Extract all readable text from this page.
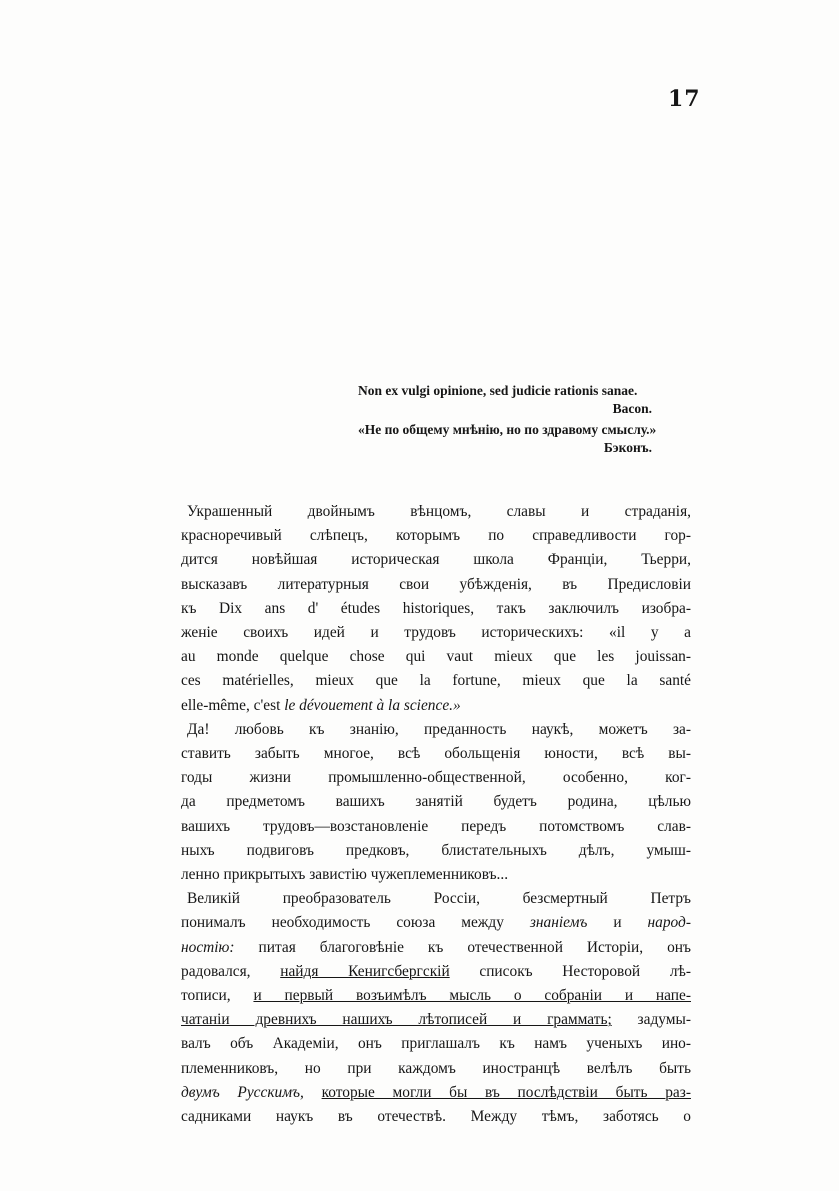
17
Non ex vulgi opinione, sed judicie rationis sanae.
Bacon.
«Не по общему мнѣнію, но по здравому смыслу.»
Бэконъ.
Украшенный двойнымъ вѣнцомъ, славы и страданія,
красноречивый слѣпецъ, которымъ по справедливости гор-
дится новѣйшая историческая школа Франціи, Тьерри,
высказавъ литературныя свои убѣжденія, въ Предисловіи
къ Dix ans d' études historiques, такъ заключилъ изобра-
женіе своихъ идей и трудовъ историческихъ: «il y a
au monde quelque chose qui vaut mieux que les jouissan-
ces matérielles, mieux que la fortune, mieux que la santé
elle-même, c'est le dévouement à la science.»
Да! любовь къ знанію, преданность наукѣ, можетъ за-
ставить забыть многое, всѣ обольщенія юности, всѣ вы-
годы жизни промышленно-общественной, особенно, ког-
да предметомъ вашихъ занятій будетъ родина, цѣлью
вашихъ трудовъ—возстановленіе передъ потомствомъ слав-
ныхъ подвиговъ предковъ, блистательныхъ дѣлъ, умыш-
ленно прикрытыхъ завистію чужеплеменниковъ...
Великій преобразователь Россіи, безсмертный Петръ
понималъ необходимость союза между знаніемъ и народ-
ностію: питая благоговѣніе къ отечественной Исторіи, онъ
радовался, найдя Кенигсбергскій списокъ Несторовой лѣ-
тописи, и первый возъимѣлъ мысль о собраніи и напе-
чатаніи древнихъ нашихъ лѣтописей и граммать; задумы-
валъ объ Академіи, онъ приглашалъ къ намъ ученыхъ ино-
племенниковъ, но при каждомъ иностранцѣ велѣлъ быть
двумъ Русскимъ, которые могли бы въ послѣдствіи быть раз-
садниками наукъ въ отечествѣ. Между тѣмъ, заботясь о
